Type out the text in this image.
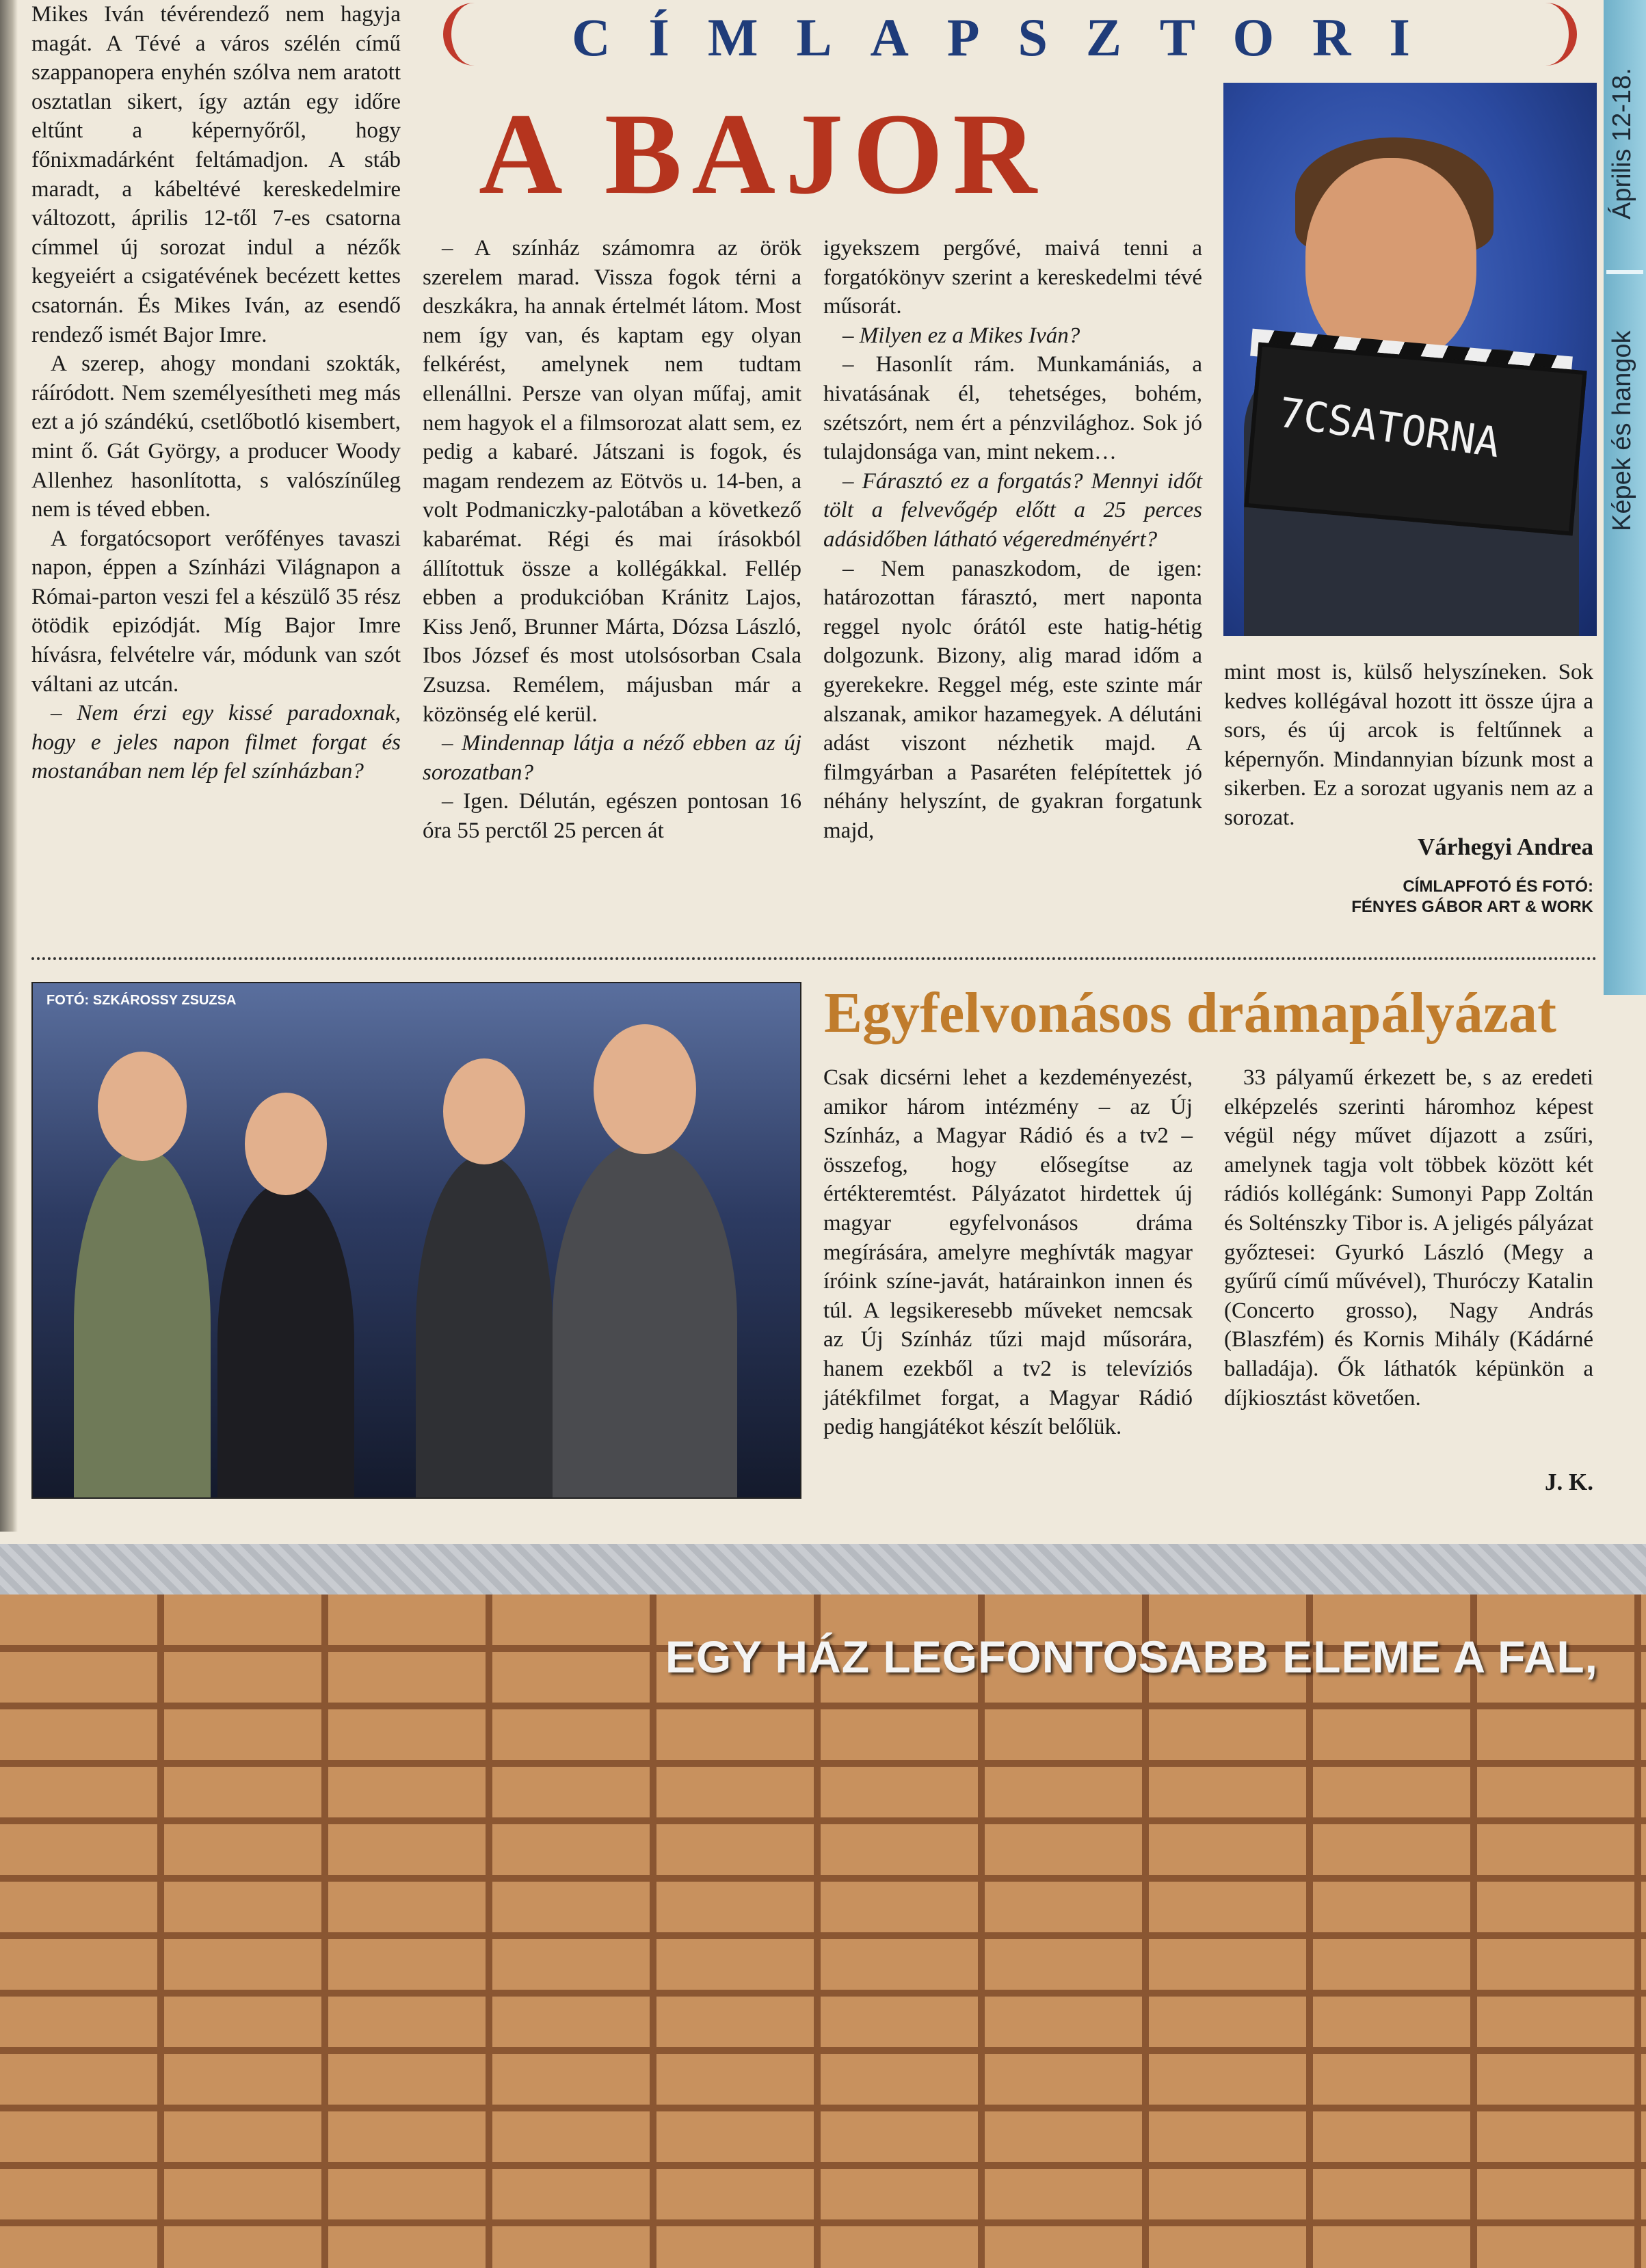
CÍMLAPSZTORI
A BAJOR	Április 12-18.
Képek és hangok

Mikes Iván tévérendező nem hagyja magát. A Tévé a város szélén című szappanopera enyhén szólva nem aratott osztatlan sikert, így aztán egy időre eltűnt a képernyőről, hogy főnixmadárként feltámadjon. A stáb maradt, a kábeltévé kereskedelmire változott, április 12-től 7-es csatorna címmel új sorozat indul a nézők kegyeiért a csigatévének becézett kettes csatornán. És Mikes Iván, az esendő rendező ismét Bajor Imre.

A szerep, ahogy mondani szokták, ráíródott. Nem személyesítheti meg más ezt a jó szándékú, csetlőbotló kisembert, mint ő. Gát György, a producer Woody Allenhez hasonlította, s valószínűleg nem is téved ebben.

A forgatócsoport verőfényes tavaszi napon, éppen a Színházi Világnapon a Római-parton veszi fel a készülő 35 rész ötödik epizódját. Míg Bajor Imre hívásra, felvételre vár, módunk van szót váltani az utcán.

– Nem érzi egy kissé paradoxnak, hogy e jeles napon filmet forgat és mostanában nem lép fel színházban?

– A színház számomra az örök szerelem marad. Vissza fogok térni a deszkákra, ha annak értelmét látom. Most nem így van, és kaptam egy olyan felkérést, amelynek nem tudtam ellenállni. Persze van olyan műfaj, amit nem hagyok el a filmsorozat alatt sem, ez pedig a kabaré. Játszani is fogok, és magam rendezem az Eötvös u. 14-ben, a volt Podmaniczky-palotában a következő kabarémat. Régi és mai írásokból állítottuk össze a kollégákkal. Fellép ebben a produkcióban Kránitz Lajos, Kiss Jenő, Brunner Márta, Dózsa László, Ibos József és most utolsósorban Csala Zsuzsa. Remélem, májusban már a közönség elé kerül.

– Mindennap látja a néző ebben az új sorozatban?

– Igen. Délután, egészen pontosan 16 óra 55 perctől 25 percen át

igyekszem pergővé, maivá tenni a forgatókönyv szerint a kereskedelmi tévé műsorát.

– Milyen ez a Mikes Iván?

– Hasonlít rám. Munkamániás, a hivatásának él, tehetséges, bohém, szétszórt, nem ért a pénzvilághoz. Sok jó tulajdonsága van, mint nekem…

– Fárasztó ez a forgatás? Mennyi időt tölt a felvevőgép előtt a 25 perces adásidőben látható végeredményért?

– Nem panaszkodom, de igen: határozottan fárasztó, mert naponta reggel nyolc órától este hatig-hétig dolgozunk. Bizony, alig marad időm a gyerekekre. Reggel még, este szinte már alszanak, amikor hazamegyek. A délutáni adást viszont nézhetik majd. A filmgyárban a Pasaréten felépítettek jó néhány helyszínt, de gyakran forgatunk majd,

7CSATORNA

mint most is, külső helyszíneken. Sok kedves kollégával hozott itt össze újra a sors, és új arcok is feltűnnek a képernyőn. Mindannyian bízunk most a sikerben. Ez a sorozat ugyanis nem az a sorozat.

Várhegyi Andrea
CÍMLAPFOTÓ ÉS FOTÓ:
FÉNYES GÁBOR ART & WORK
FOTÓ: SZKÁROSSY ZSUZSA	Egyfelvonásos drámapályázat

Csak dicsérni lehet a kezdeményezést, amikor három intézmény – az Új Színház, a Magyar Rádió és a tv2 – összefog, hogy elősegítse az értékteremtést. Pályázatot hirdettek új magyar egyfelvonásos dráma megírására, amelyre meghívták magyar íróink színe-javát, határainkon innen és túl. A legsikeresebb műveket nemcsak az Új Színház tűzi majd műsorára, hanem ezekből a tv2 is televíziós játékfilmet forgat, a Magyar Rádió pedig hangjátékot készít belőlük.

33 pályamű érkezett be, s az eredeti elképzelés szerinti háromhoz képest végül négy művet díjazott a zsűri, amelynek tagja volt többek között két rádiós kollégánk: Sumonyi Papp Zoltán és Solténszky Tibor is. A jeligés pályázat győztesei: Gyurkó László (Megy a gyűrű című művével), Thuróczy Katalin (Concerto grosso), Nagy András (Blaszfém) és Kornis Mihály (Kádárné balladája). Ők láthatók képünkön a díjkiosztást követően.

J. K.
EGY HÁZ LEGFONTOSABB ELEME A FAL,
